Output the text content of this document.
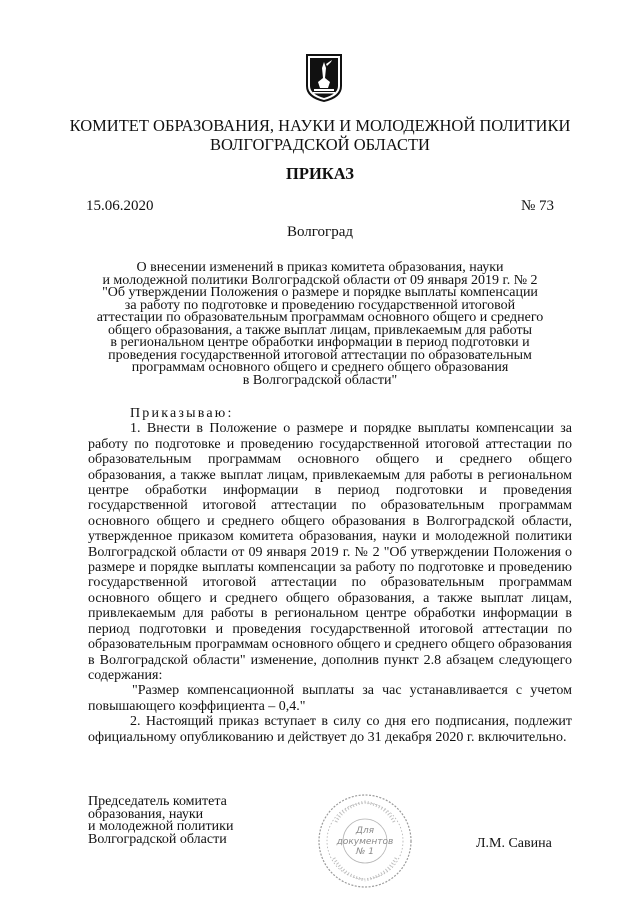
КОМИТЕТ ОБРАЗОВАНИЯ, НАУКИ И МОЛОДЕЖНОЙ ПОЛИТИКИ
ВОЛГОГРАДСКОЙ ОБЛАСТИ
ПРИКАЗ
15.06.2020	№ 73
Волгоград
О внесении изменений в приказ комитета образования, науки
и молодежной политики Волгоградской области от 09 января 2019 г. № 2
"Об утверждении Положения о размере и порядке выплаты компенсации
за работу по подготовке и проведению государственной итоговой
аттестации по образовательным программам основного общего и среднего
общего образования, а также выплат лицам, привлекаемым для работы
в региональном центре обработки информации в период подготовки и
проведения государственной итоговой аттестации по образовательным
программам основного общего и среднего общего образования
в Волгоградской области"

Приказываю:

1. Внести в Положение о размере и порядке выплаты компенсации за работу по подготовке и проведению государственной итоговой аттестации по образовательным программам основного общего и среднего общего образования, а также выплат лицам, привлекаемым для работы в региональном центре обработки информации в период подготовки и проведения государственной итоговой аттестации по образовательным программам основного общего и среднего общего образования в Волгоградской области, утвержденное приказом комитета образования, науки и молодежной политики Волгоградской области от 09 января 2019 г. № 2 "Об утверждении Положения о размере и порядке выплаты компенсации за работу по подготовке и проведению государственной итоговой аттестации по образовательным программам основного общего и среднего общего образования, а также выплат лицам, привлекаемым для работы в региональном центре обработки информации в период подготовки и проведения государственной итоговой аттестации по образовательным программам основного общего и среднего общего образования в Волгоградской области" изменение, дополнив пункт 2.8 абзацем следующего содержания:

"Размер компенсационной выплаты за час устанавливается с учетом повышающего коэффициента – 0,4."

2. Настоящий приказ вступает в силу со дня его подписания, подлежит официальному опубликованию и действует до 31 декабря 2020 г. включительно.

Председатель комитета
образования, науки
и молодежной политики
Волгоградской области
Для
документов
№ 1
Л.М. Савина
